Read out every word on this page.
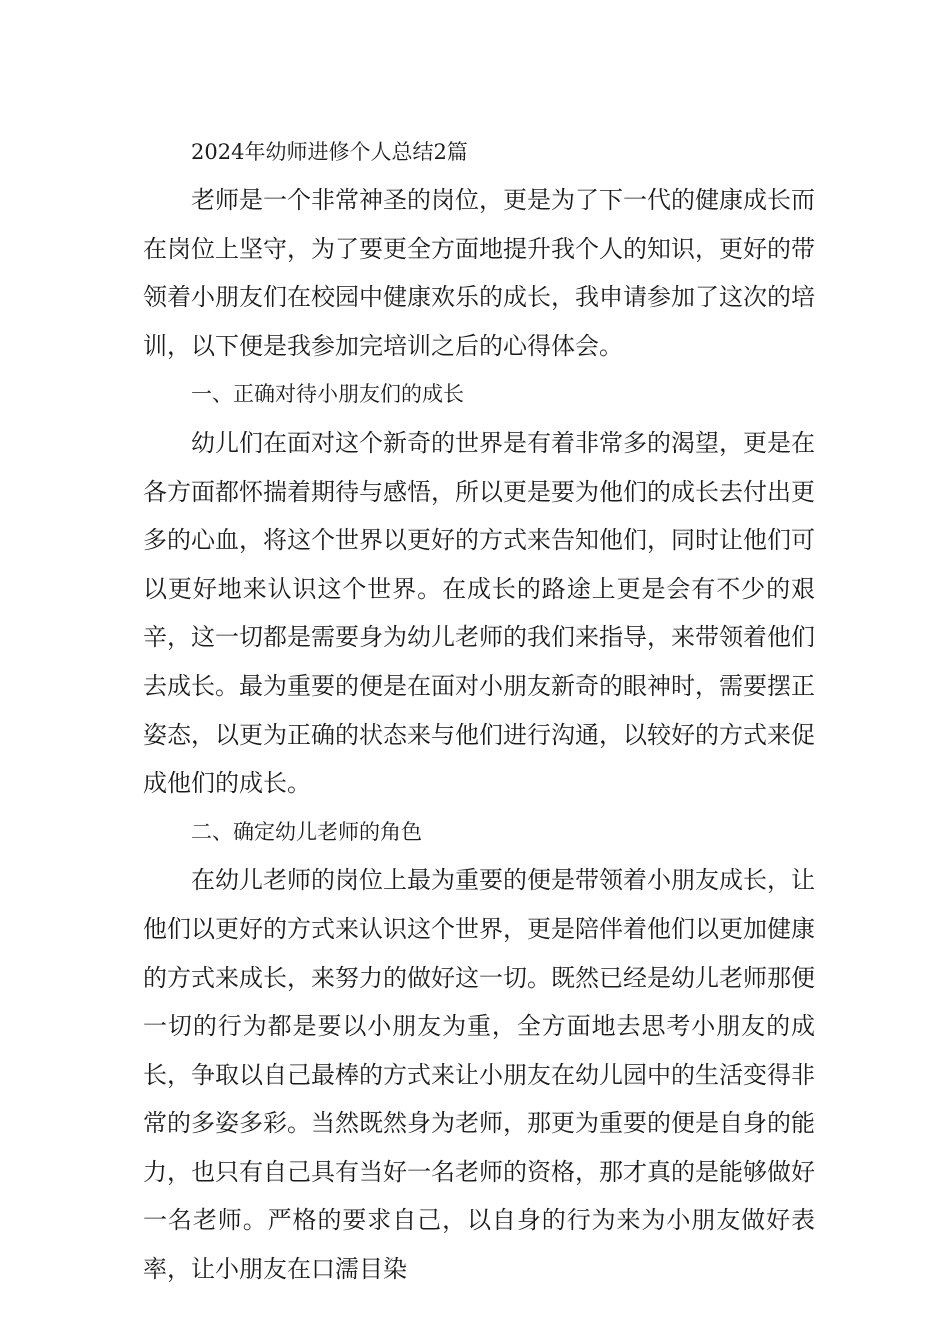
2024年幼师进修个人总结2篇

老师是一个非常神圣的岗位，更是为了下一代的健康成长而在岗位上坚守，为了要更全方面地提升我个人的知识，更好的带领着小朋友们在校园中健康欢乐的成长，我申请参加了这次的培训，以下便是我参加完培训之后的心得体会。

一、正确对待小朋友们的成长

幼儿们在面对这个新奇的世界是有着非常多的渴望，更是在各方面都怀揣着期待与感悟，所以更是要为他们的成长去付出更多的心血，将这个世界以更好的方式来告知他们，同时让他们可以更好地来认识这个世界。在成长的路途上更是会有不少的艰辛，这一切都是需要身为幼儿老师的我们来指导，来带领着他们去成长。最为重要的便是在面对小朋友新奇的眼神时，需要摆正姿态，以更为正确的状态来与他们进行沟通，以较好的方式来促成他们的成长。

二、确定幼儿老师的角色

在幼儿老师的岗位上最为重要的便是带领着小朋友成长，让他们以更好的方式来认识这个世界，更是陪伴着他们以更加健康的方式来成长，来努力的做好这一切。既然已经是幼儿老师那便一切的行为都是要以小朋友为重，全方面地去思考小朋友的成长，争取以自己最棒的方式来让小朋友在幼儿园中的生活变得非常的多姿多彩。当然既然身为老师，那更为重要的便是自身的能力，也只有自己具有当好一名老师的资格，那才真的是能够做好一名老师。严格的要求自己，以自身的行为来为小朋友做好表率，让小朋友在口濡目染
